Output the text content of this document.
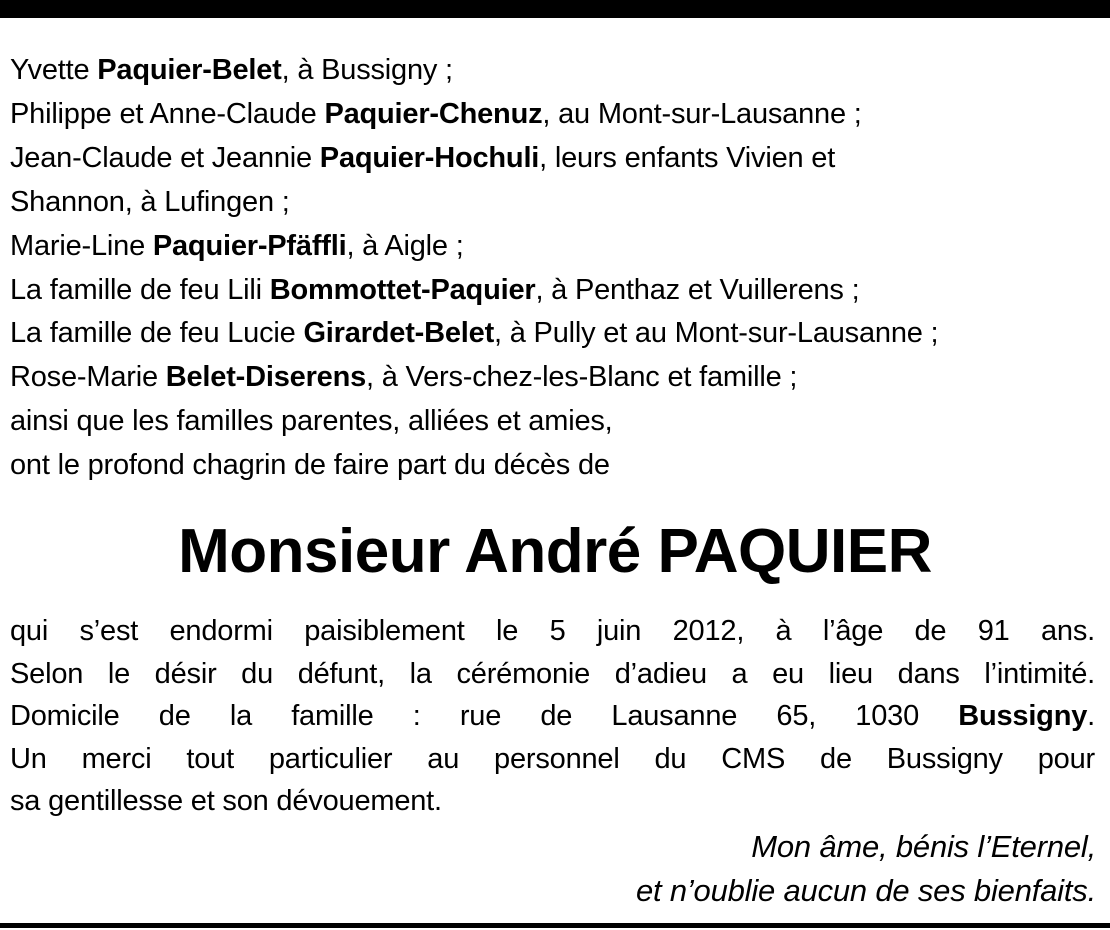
Yvette Paquier-Belet, à Bussigny ;
Philippe et Anne-Claude Paquier-Chenuz, au Mont-sur-Lausanne ;
Jean-Claude et Jeannie Paquier-Hochuli, leurs enfants Vivien et
Shannon, à Lufingen ;
Marie-Line Paquier-Pfäffli, à Aigle ;
La famille de feu Lili Bommottet-Paquier, à Penthaz et Vuillerens ;
La famille de feu Lucie Girardet-Belet, à Pully et au Mont-sur-Lausanne ;
Rose-Marie Belet-Diserens, à Vers-chez-les-Blanc et famille ;
ainsi que les familles parentes, alliées et amies,
ont le profond chagrin de faire part du décès de
Monsieur André PAQUIER

qui s’est endormi paisiblement le 5 juin 2012, à l’âge de 91 ans.
Selon le désir du défunt, la cérémonie d’adieu a eu lieu dans l’intimité.
Domicile de la famille : rue de Lausanne 65, 1030 Bussigny.
Un merci tout particulier au personnel du CMS de Bussigny pour
sa gentillesse et son dévouement.

Mon âme, bénis l’Eternel,
et n’oublie aucun de ses bienfaits.
